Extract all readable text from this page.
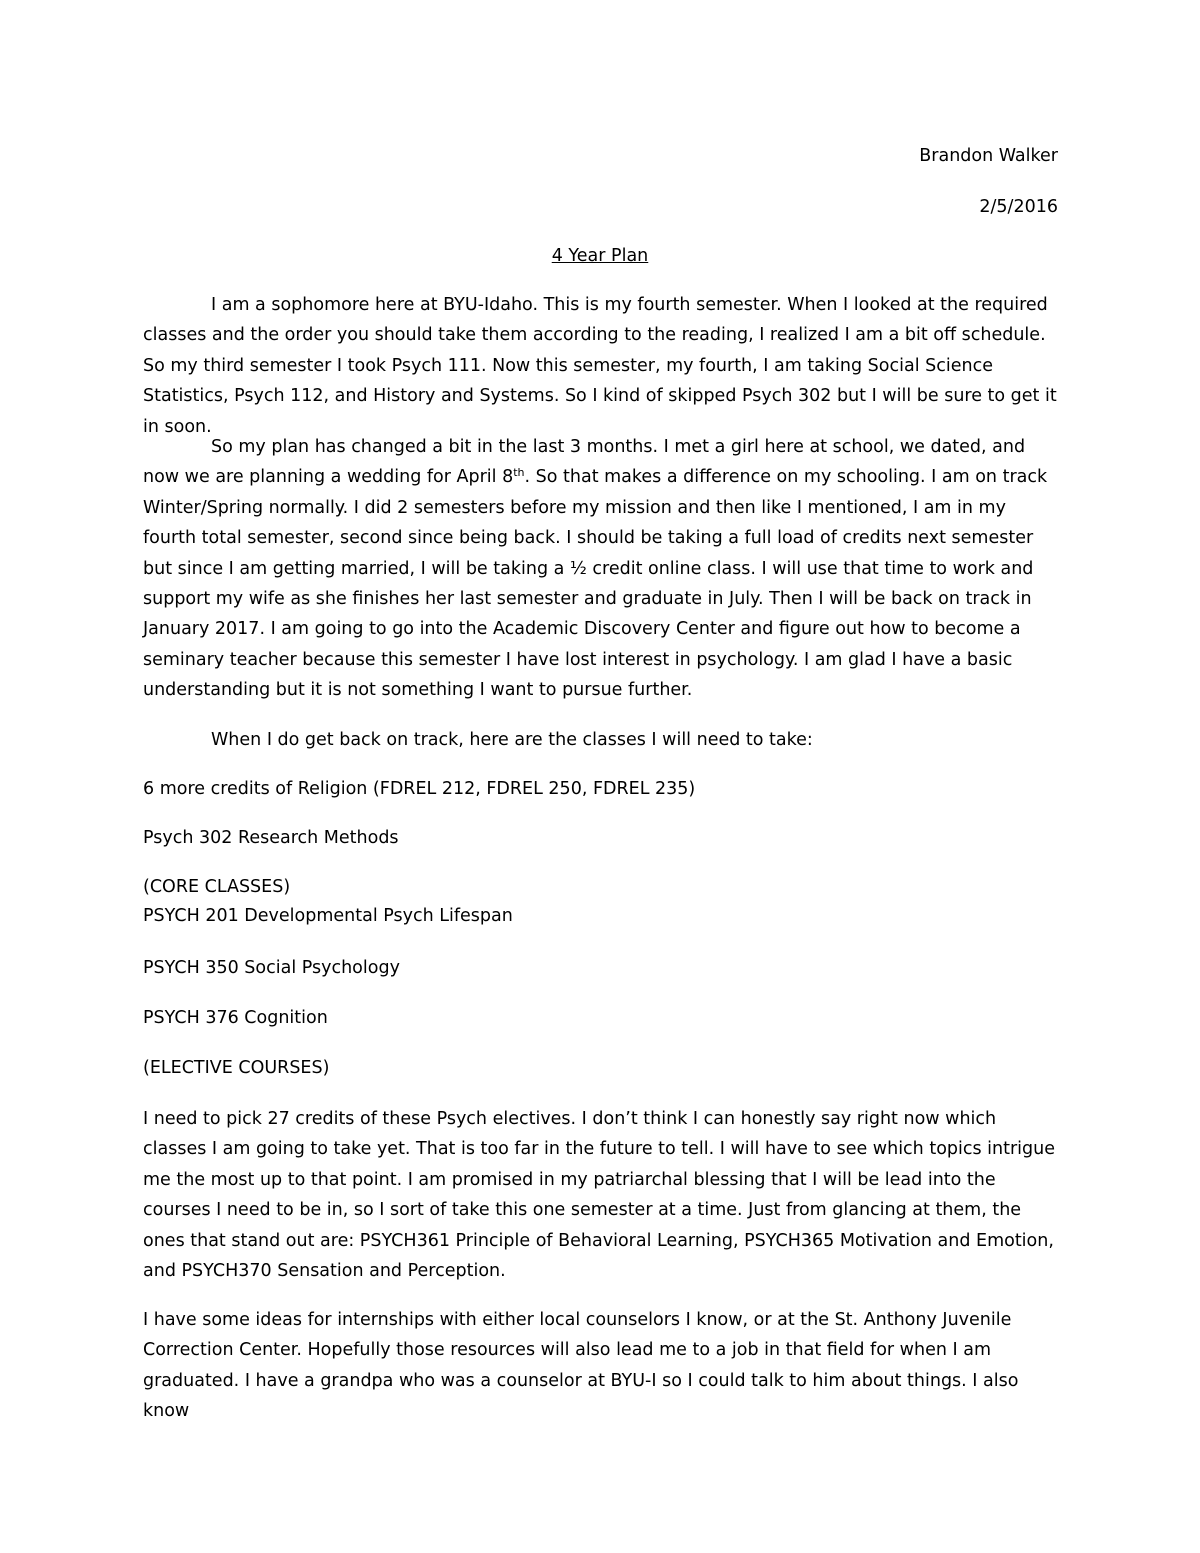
Brandon Walker
2/5/2016
4 Year Plan

I am a sophomore here at BYU-Idaho. This is my fourth semester. When I looked at the required classes and the order you should take them according to the reading, I realized I am a bit off schedule. So my third semester I took Psych 111. Now this semester, my fourth, I am taking Social Science Statistics, Psych 112, and History and Systems. So I kind of skipped Psych 302 but I will be sure to get it in soon.

So my plan has changed a bit in the last 3 months. I met a girl here at school, we dated, and now we are planning a wedding for April 8th. So that makes a difference on my schooling. I am on track Winter/Spring normally. I did 2 semesters before my mission and then like I mentioned, I am in my fourth total semester, second since being back. I should be taking a full load of credits next semester but since I am getting married, I will be taking a ½ credit online class. I will use that time to work and support my wife as she finishes her last semester and graduate in July. Then I will be back on track in January 2017. I am going to go into the Academic Discovery Center and figure out how to become a seminary teacher because this semester I have lost interest in psychology. I am glad I have a basic understanding but it is not something I want to pursue further.

When I do get back on track, here are the classes I will need to take:

6 more credits of Religion (FDREL 212, FDREL 250, FDREL 235)

Psych 302 Research Methods

(CORE CLASSES)

PSYCH 201 Developmental Psych Lifespan

PSYCH 350 Social Psychology

PSYCH 376 Cognition

(ELECTIVE COURSES)

I need to pick 27 credits of these Psych electives. I don’t think I can honestly say right now which classes I am going to take yet. That is too far in the future to tell. I will have to see which topics intrigue me the most up to that point. I am promised in my patriarchal blessing that I will be lead into the courses I need to be in, so I sort of take this one semester at a time. Just from glancing at them, the ones that stand out are: PSYCH361 Principle of Behavioral Learning, PSYCH365 Motivation and Emotion, and PSYCH370 Sensation and Perception.

I have some ideas for internships with either local counselors I know, or at the St. Anthony Juvenile Correction Center. Hopefully those resources will also lead me to a job in that field for when I am graduated. I have a grandpa who was a counselor at BYU-I so I could talk to him about things. I also know
